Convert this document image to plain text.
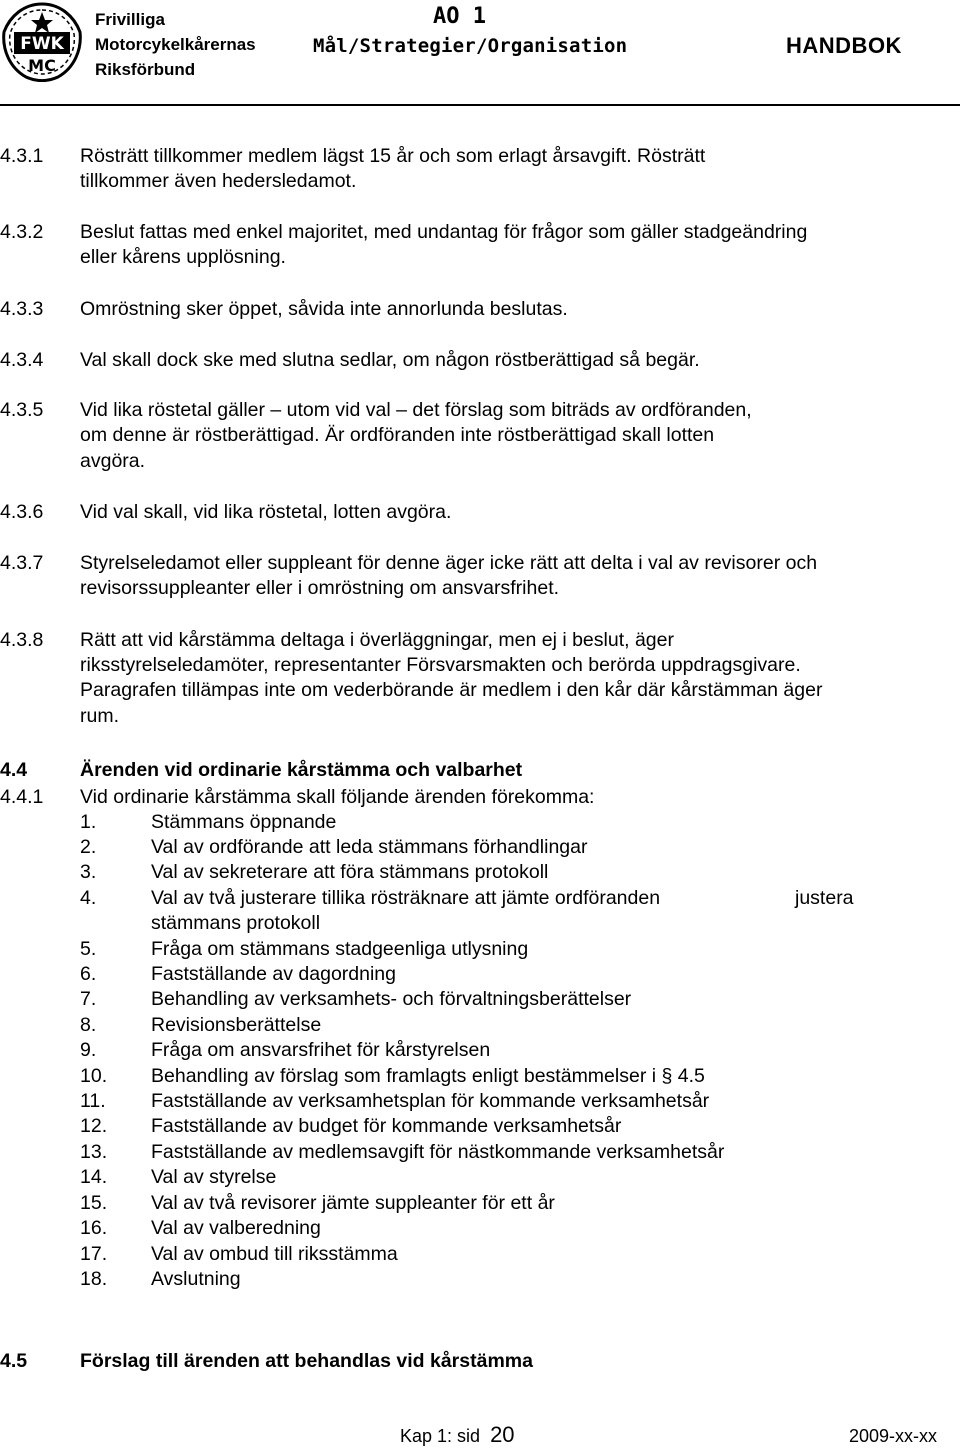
FWK
MC
Frivilliga
Motorcykelkårernas
Riksförbund
AO 1
Mål/Strategier/Organisation	HANDBOK
4.3.1 Rösträtt tillkommer medlem lägst 15 år och som erlagt årsavgift. Rösträtt
tillkommer även hedersledamot.
4.3.2 Beslut fattas med enkel majoritet, med undantag för frågor som gäller stadgeändring
eller kårens upplösning.
4.3.3 Omröstning sker öppet, såvida inte annorlunda beslutas.
4.3.4 Val skall dock ske med slutna sedlar, om någon röstberättigad så begär.
4.3.5 Vid lika röstetal gäller – utom vid val – det förslag som biträds av ordföranden,
om denne är röstberättigad. Är ordföranden inte röstberättigad skall lotten
avgöra.
4.3.6 Vid val skall, vid lika röstetal, lotten avgöra.
4.3.7 Styrelseledamot eller suppleant för denne äger icke rätt att delta i val av revisorer och
revisorssuppleanter eller i omröstning om ansvarsfrihet.
4.3.8 Rätt att vid kårstämma deltaga i överläggningar, men ej i beslut, äger
riksstyrelseledamöter, representanter Försvarsmakten och berörda uppdragsgivare.
Paragrafen tillämpas inte om vederbörande är medlem i den kår där kårstämman äger
rum.
4.4	Ärenden vid ordinarie kårstämma och valbarhet
4.4.1 Vid ordinarie kårstämma skall följande ärenden förekomma:
1.	Stämmans öppnande
2.	Val av ordförande att leda stämmans förhandlingar
3.	Val av sekreterare att föra stämmans protokoll
4.	Val av två justerare tillika rösträknare att jämte ordföranden	justera
stämmans protokoll
5.	Fråga om stämmans stadgeenliga utlysning
6.	Fastställande av dagordning
7.	Behandling av verksamhets- och förvaltningsberättelser
8.	Revisionsberättelse
9.	Fråga om ansvarsfrihet för kårstyrelsen
10. Behandling av förslag som framlagts enligt bestämmelser i § 4.5
11. Fastställande av verksamhetsplan för kommande verksamhetsår
12. Fastställande av budget för kommande verksamhetsår
13. Fastställande av medlemsavgift för nästkommande verksamhetsår
14. Val av styrelse
15. Val av två revisorer jämte suppleanter för ett år
16. Val av valberedning
17. Val av ombud till riksstämma
18. Avslutning
4.5	Förslag till ärenden att behandlas vid kårstämma
Kap 1: sid 20	2009-xx-xx
